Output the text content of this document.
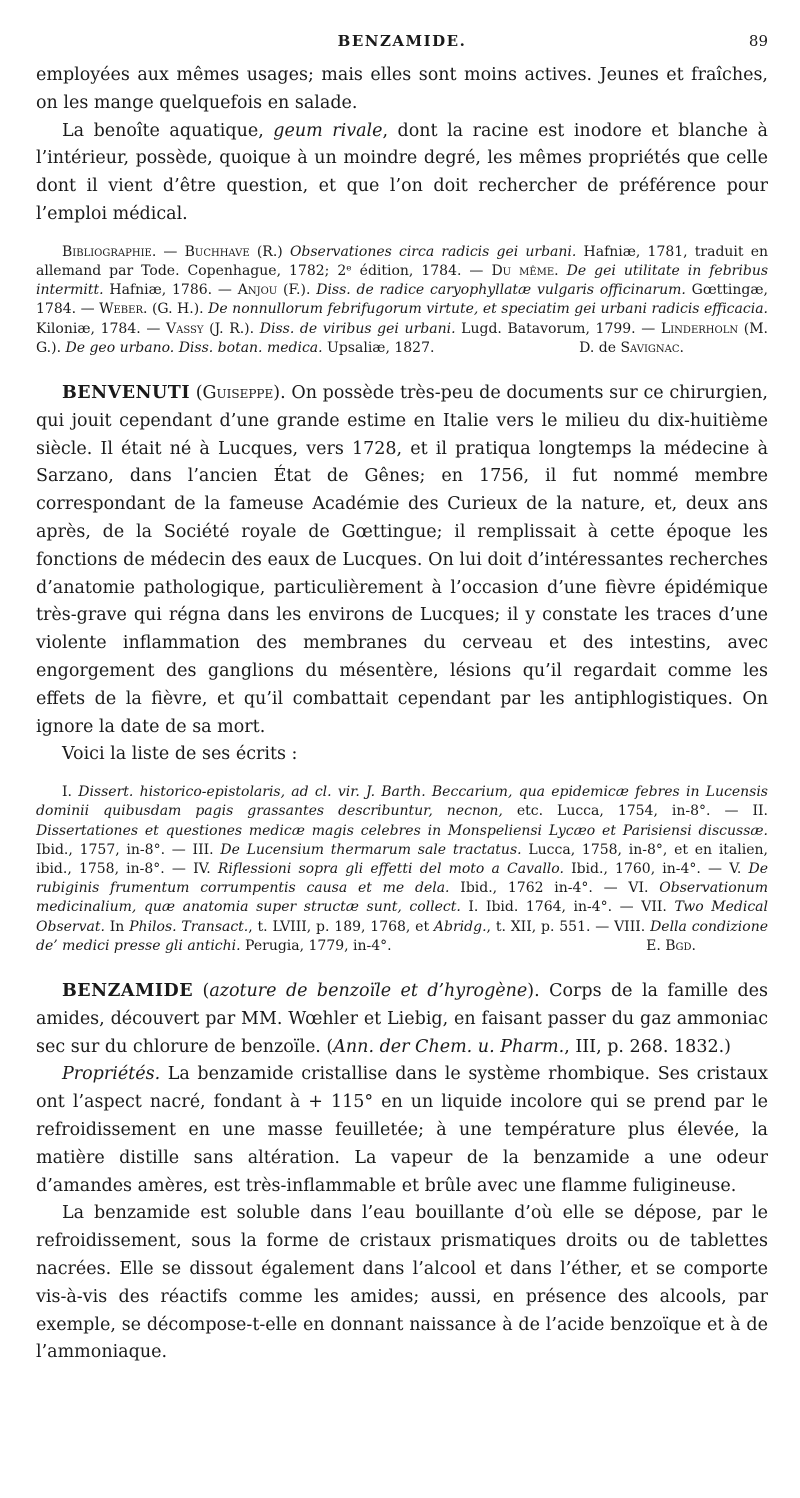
BENZAMIDE.	89

employées aux mêmes usages; mais elles sont moins actives. Jeunes et fraîches, on les mange quelquefois en salade.

La benoîte aquatique, geum rivale, dont la racine est inodore et blanche à l’intérieur, possède, quoique à un moindre degré, les mêmes propriétés que celle dont il vient d’être question, et que l’on doit rechercher de préférence pour l’emploi médical.

Bibliographie. — Buchhave (R.) Observationes circa radicis gei urbani. Hafniæ, 1781, traduit en allemand par Tode. Copenhague, 1782; 2ᵉ édition, 1784. — Du même. De gei utilitate in febribus intermitt. Hafniæ, 1786. — Anjou (F.). Diss. de radice caryophyllatæ vulgaris officinarum. Gœttingæ, 1784. — Weber. (G. H.). De nonnullorum febrifugorum virtute, et speciatim gei urbani radicis efficacia. Kiloniæ, 1784. — Vassy (J. R.). Diss. de viribus gei urbani. Lugd. Batavorum, 1799. — Linderholn (M. G.). De geo urbano. Diss. botan. medica. Upsaliæ, 1827.	D. de Savignac.

BENVENUTI (Guiseppe). On possède très-peu de documents sur ce chirurgien, qui jouit cependant d’une grande estime en Italie vers le milieu du dix-huitième siècle. Il était né à Lucques, vers 1728, et il pratiqua longtemps la médecine à Sarzano, dans l’ancien État de Gênes; en 1756, il fut nommé membre correspondant de la fameuse Académie des Curieux de la nature, et, deux ans après, de la Société royale de Gœttingue; il remplissait à cette époque les fonctions de médecin des eaux de Lucques. On lui doit d’intéressantes recherches d’anatomie pathologique, particulièrement à l’occasion d’une fièvre épidémique très-grave qui régna dans les environs de Lucques; il y constate les traces d’une violente inflammation des membranes du cerveau et des intestins, avec engorgement des ganglions du mésentère, lésions qu’il regardait comme les effets de la fièvre, et qu’il combattait cependant par les antiphlogistiques. On ignore la date de sa mort.

Voici la liste de ses écrits :

I. Dissert. historico-epistolaris, ad cl. vir. J. Barth. Beccarium, qua epidemicæ febres in Lucensis dominii quibusdam pagis grassantes describuntur, necnon, etc. Lucca, 1754, in-8°. — II. Dissertationes et questiones medicæ magis celebres in Monspeliensi Lycæo et Parisiensi discussæ. Ibid., 1757, in-8°. — III. De Lucensium thermarum sale tractatus. Lucca, 1758, in-8°, et en italien, ibid., 1758, in-8°. — IV. Riflessioni sopra gli effetti del moto a Cavallo. Ibid., 1760, in-4°. — V. De rubiginis frumentum corrumpentis causa et me dela. Ibid., 1762 in-4°. — VI. Observationum medicinalium, quæ anatomia super structæ sunt, collect. I. Ibid. 1764, in-4°. — VII. Two Medical Observat. In Philos. Transact., t. LVIII, p. 189, 1768, et Abridg., t. XII, p. 551. — VIII. Della condizione de’ medici presse gli antichi. Perugia, 1779, in-4°.	E. Bgd.

BENZAMIDE (azoture de benzoïle et d’hyrogène). Corps de la famille des amides, découvert par MM. Wœhler et Liebig, en faisant passer du gaz ammoniac sec sur du chlorure de benzoïle. (Ann. der Chem. u. Pharm., III, p. 268. 1832.)

Propriétés. La benzamide cristallise dans le système rhombique. Ses cristaux ont l’aspect nacré, fondant à + 115° en un liquide incolore qui se prend par le refroidissement en une masse feuilletée; à une température plus élevée, la matière distille sans altération. La vapeur de la benzamide a une odeur d’amandes amères, est très-inflammable et brûle avec une flamme fuligineuse.

La benzamide est soluble dans l’eau bouillante d’où elle se dépose, par le refroidissement, sous la forme de cristaux prismatiques droits ou de tablettes nacrées. Elle se dissout également dans l’alcool et dans l’éther, et se comporte vis-à-vis des réactifs comme les amides; aussi, en présence des alcools, par exemple, se décompose-t-elle en donnant naissance à de l’acide benzoïque et à de l’ammoniaque.
